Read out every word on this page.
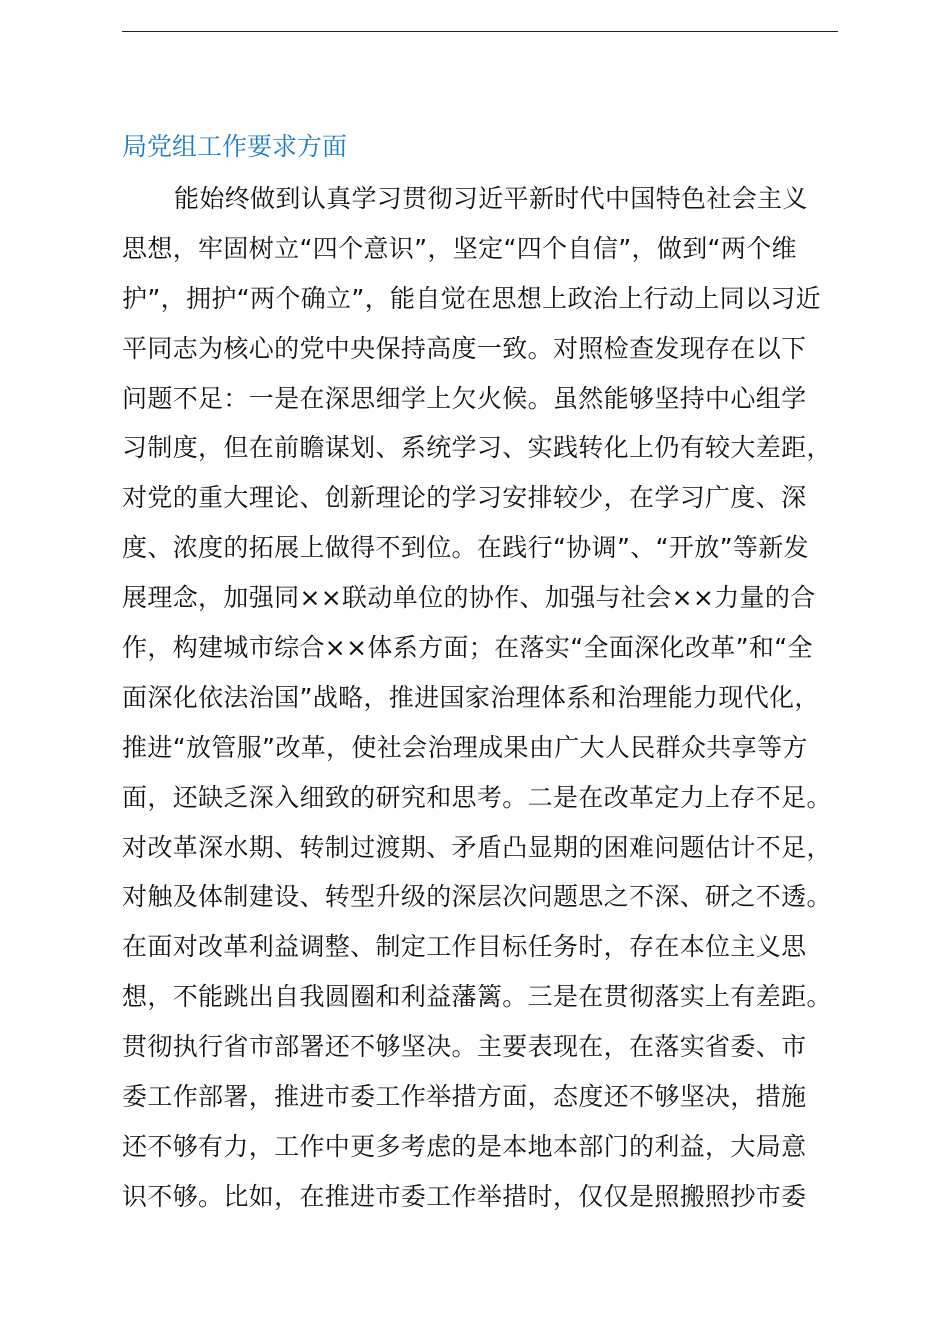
局党组工作要求方面
能始终做到认真学习贯彻习近平新时代中国特色社会主义
思想，牢固树立“四个意识”，坚定“四个自信”，做到“两个维
护”，拥护“两个确立”，能自觉在思想上政治上行动上同以习近
平同志为核心的党中央保持高度一致。对照检查发现存在以下
问题不足：一是在深思细学上欠火候。虽然能够坚持中心组学
习制度，但在前瞻谋划、系统学习、实践转化上仍有较大差距，
对党的重大理论、创新理论的学习安排较少，在学习广度、深
度、浓度的拓展上做得不到位。在践行“协调”、“开放”等新发
展理念，加强同××联动单位的协作、加强与社会××力量的合
作，构建城市综合××体系方面；在落实“全面深化改革”和“全
面深化依法治国”战略，推进国家治理体系和治理能力现代化，
推进“放管服”改革，使社会治理成果由广大人民群众共享等方
面，还缺乏深入细致的研究和思考。二是在改革定力上存不足。
对改革深水期、转制过渡期、矛盾凸显期的困难问题估计不足，
对触及体制建设、转型升级的深层次问题思之不深、研之不透。
在面对改革利益调整、制定工作目标任务时，存在本位主义思
想，不能跳出自我圆圈和利益藩篱。三是在贯彻落实上有差距。
贯彻执行省市部署还不够坚决。主要表现在，在落实省委、市
委工作部署，推进市委工作举措方面，态度还不够坚决，措施
还不够有力，工作中更多考虑的是本地本部门的利益，大局意
识不够。比如，在推进市委工作举措时，仅仅是照搬照抄市委
